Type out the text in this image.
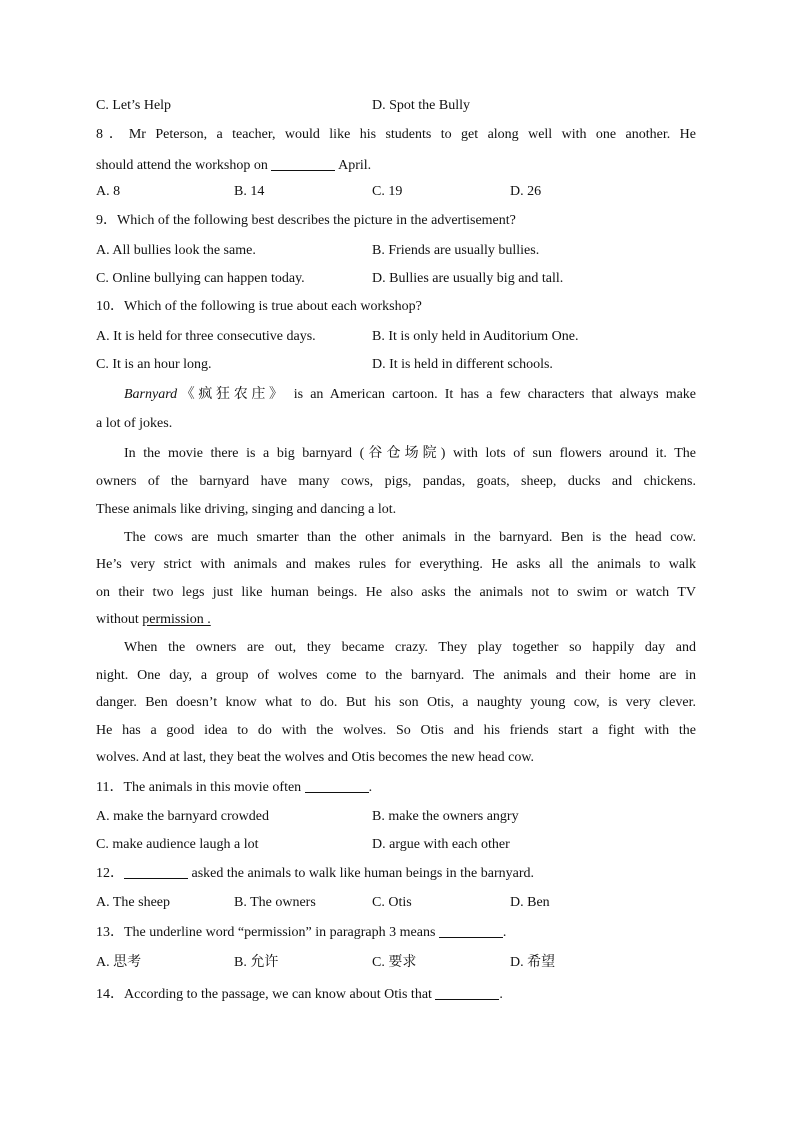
C. Let’s Help	D. Spot the Bully
8．Mr Peterson, a teacher, would like his students to get along well with one another. He
should attend the workshop on	April.
A. 8	B. 14	C. 19	D. 26
9．Which of the following best describes the picture in the advertisement?
A. All bullies look the same.	B. Friends are usually bullies.
C. Online bullying can happen today.	D. Bullies are usually big and tall.
10．Which of the following is true about each workshop?
A. It is held for three consecutive days.	B. It is only held in Auditorium One.
C. It is an hour long.	D. It is held in different schools.
Barnyard《疯狂农庄》 is an American cartoon. It has a few characters that always make
a lot of jokes.
In the movie there is a big barnyard (谷仓场院) with lots of sun flowers around it. The
owners of the barnyard have many cows, pigs, pandas, goats, sheep, ducks and chickens.
These animals like driving, singing and dancing a lot.
The cows are much smarter than the other animals in the barnyard. Ben is the head cow.
He’s very strict with animals and makes rules for everything. He asks all the animals to walk
on their two legs just like human beings. He also asks the animals not to swim or watch TV
without permission .
When the owners are out, they became crazy. They play together so happily day and
night. One day, a group of wolves come to the barnyard. The animals and their home are in
danger. Ben doesn’t know what to do. But his son Otis, a naughty young cow, is very clever.
He has a good idea to do with the wolves. So Otis and his friends start a fight with the
wolves. And at last, they beat the wolves and Otis becomes the new head cow.
11．The animals in this movie often	.
A. make the barnyard crowded	B. make the owners angry
C. make audience laugh a lot	D. argue with each other
12．	asked the animals to walk like human beings in the barnyard.
A. The sheep	B. The owners	C. Otis	D. Ben
13．The underline word “permission” in paragraph 3 means	.
A. 思考	B. 允许	C. 要求	D. 希望
14．According to the passage, we can know about Otis that	.
